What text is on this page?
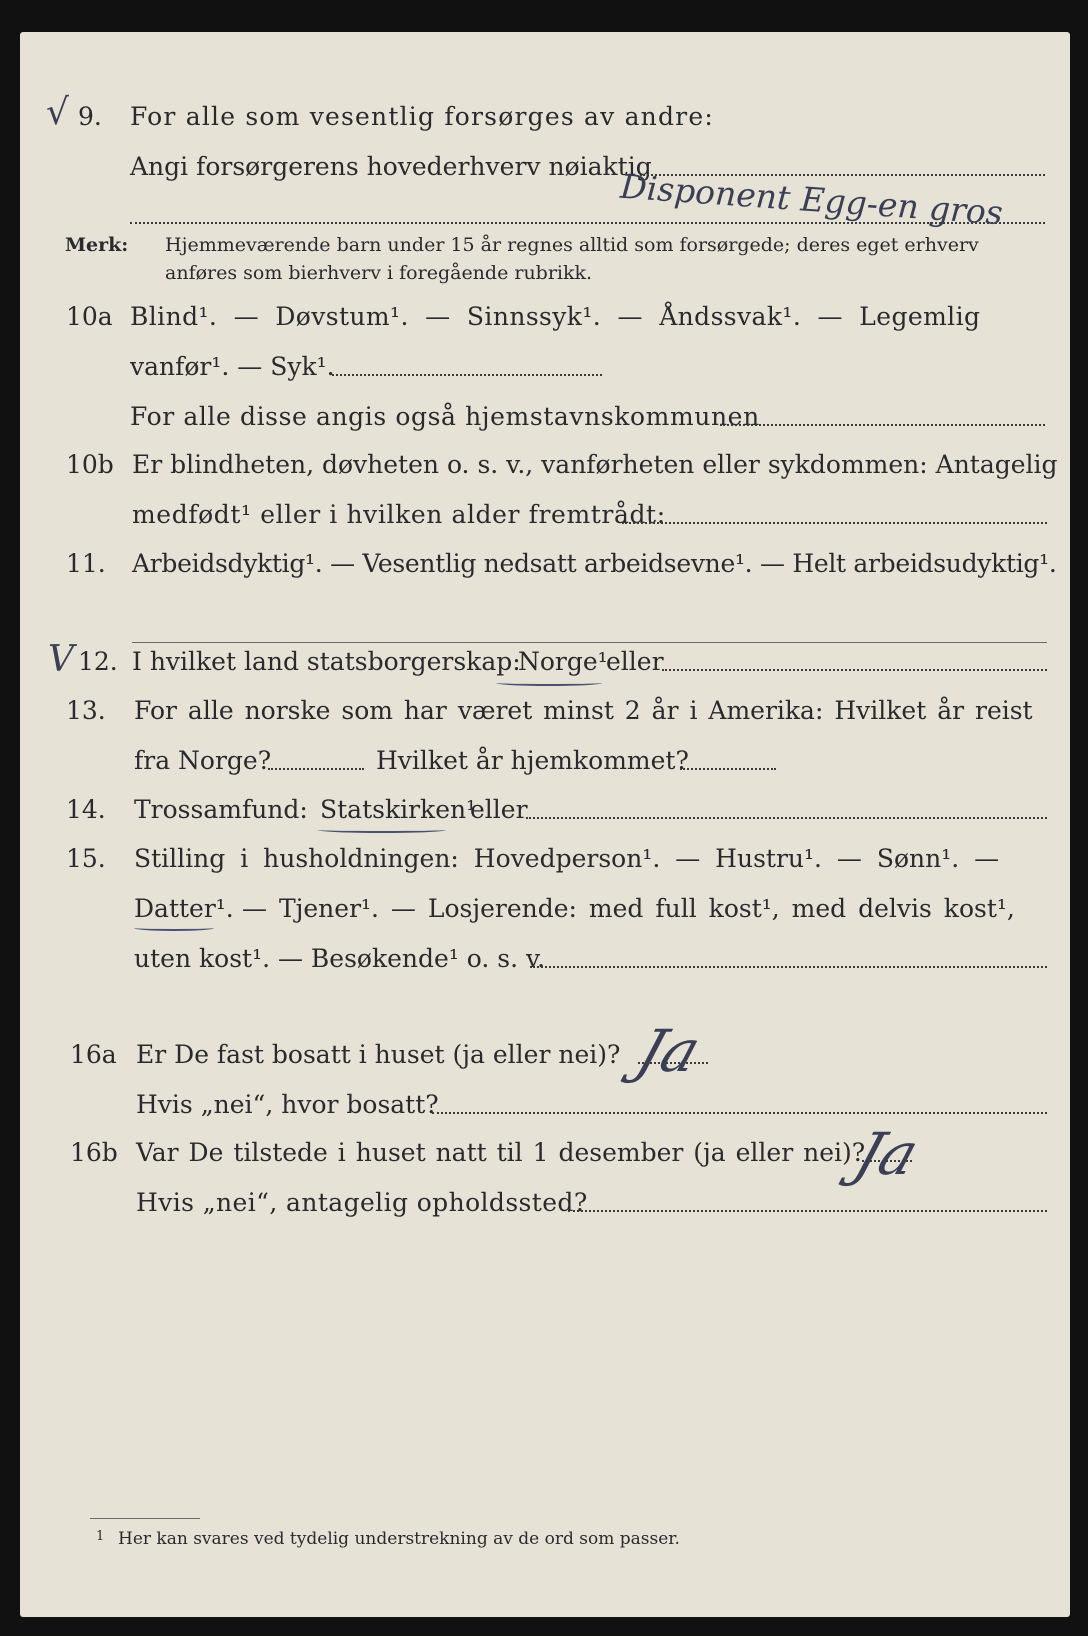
√ 9.	For alle som vesentlig forsørges av andre:
Angi forsørgerens hovederhverv nøiaktig
Disponent Egg-en gros
Merk: Hjemmeværende barn under 15 år regnes alltid som forsørgede; deres eget erhverv
anføres som bierhverv i foregående rubrikk.
10a Blind¹. — Døvstum¹. — Sinnssyk¹. — Åndssvak¹. — Legemlig
vanfør¹. — Syk¹.
For alle disse angis også hjemstavnskommunen
10b Er blindheten, døvheten o. s. v., vanførheten eller sykdommen: Antagelig
medfødt¹ eller i hvilken alder fremtrådt:
11.	Arbeidsdyktig¹. — Vesentlig nedsatt arbeidsevne¹. — Helt arbeidsudyktig¹.
V 12. I hvilket land statsborgerskap:
Norge¹
eller
13.	For alle norske som har været minst 2 år i Amerika: Hvilket år reist
fra Norge?	Hvilket år hjemkommet?
14.	Trossamfund: Statskirken¹
eller
15.	Stilling i husholdningen: Hovedperson¹. — Hustru¹. — Sønn¹. —
Datter¹. — Tjener¹. — Losjerende: med full kost¹, med delvis kost¹,
uten kost¹. — Besøkende¹ o. s. v.
16a Er De fast bosatt i huset (ja eller nei)? Ja
Hvis „nei“, hvor bosatt?
16b Var De tilstede i huset natt til 1 desember (ja eller nei)?
Ja
Hvis „nei“, antagelig opholdssted?
1 Her kan svares ved tydelig understrekning av de ord som passer.
